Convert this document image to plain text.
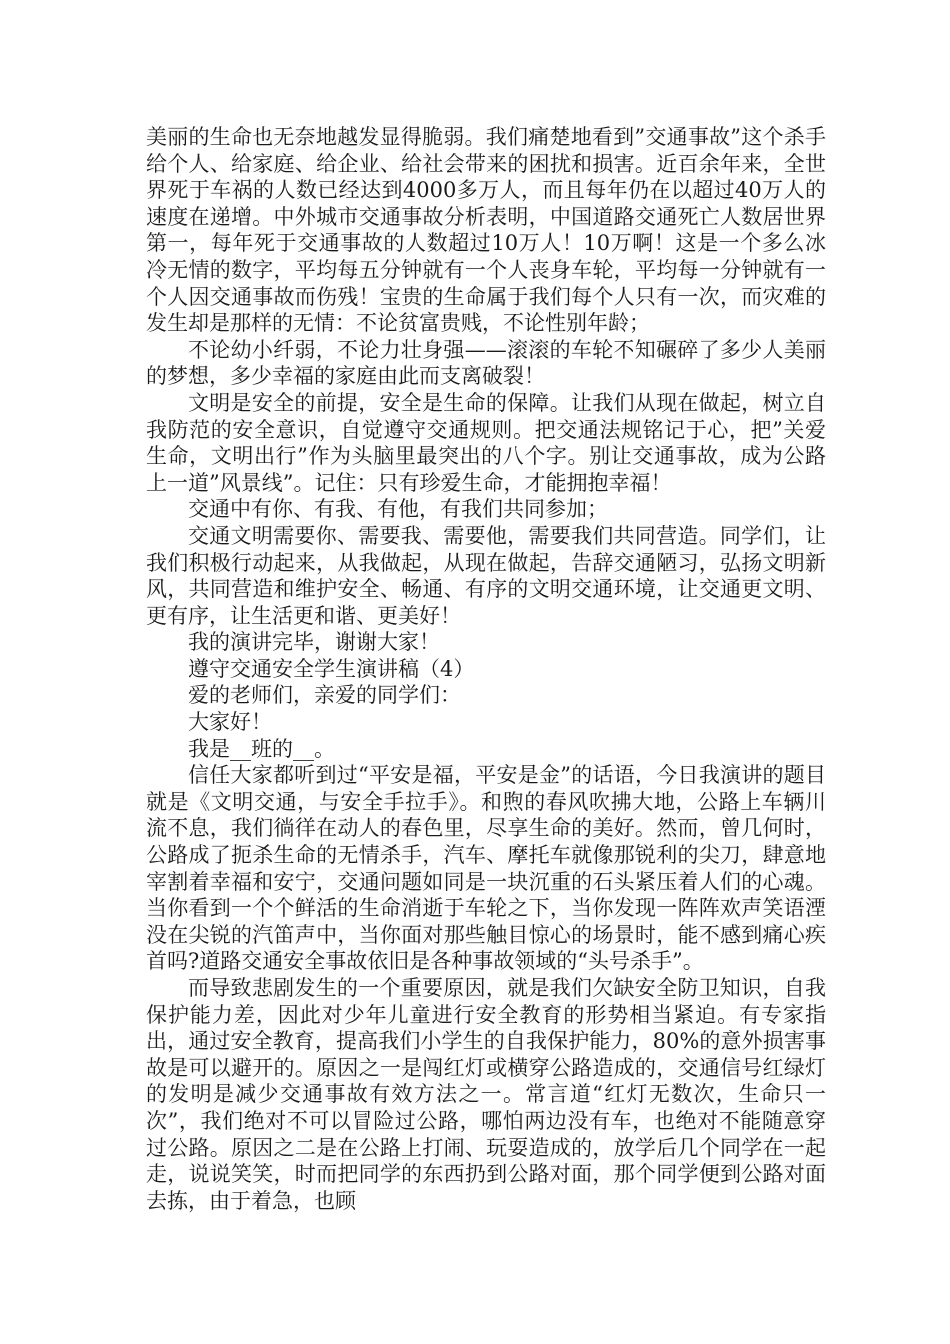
美丽的生命也无奈地越发显得脆弱。我们痛楚地看到”交通事故”这个杀手给个人、给家庭、给企业、给社会带来的困扰和损害。近百余年来，全世界死于车祸的人数已经达到4000多万人，而且每年仍在以超过40万人的速度在递增。中外城市交通事故分析表明，中国道路交通死亡人数居世界第一，每年死于交通事故的人数超过10万人！10万啊！这是一个多么冰冷无情的数字，平均每五分钟就有一个人丧身车轮，平均每一分钟就有一个人因交通事故而伤残！宝贵的生命属于我们每个人只有一次，而灾难的发生却是那样的无情：不论贫富贵贱，不论性别年龄；

不论幼小纤弱，不论力壮身强——滚滚的车轮不知碾碎了多少人美丽的梦想，多少幸福的家庭由此而支离破裂！

文明是安全的前提，安全是生命的保障。让我们从现在做起，树立自我防范的安全意识，自觉遵守交通规则。把交通法规铭记于心，把”关爱生命，文明出行”作为头脑里最突出的八个字。别让交通事故，成为公路上一道”风景线”。记住：只有珍爱生命，才能拥抱幸福！

交通中有你、有我、有他，有我们共同参加；

交通文明需要你、需要我、需要他，需要我们共同营造。同学们，让我们积极行动起来，从我做起，从现在做起，告辞交通陋习，弘扬文明新风，共同营造和维护安全、畅通、有序的文明交通环境，让交通更文明、更有序，让生活更和谐、更美好！

我的演讲完毕，谢谢大家！

遵守交通安全学生演讲稿（4）

爱的老师们，亲爱的同学们：

大家好！

我是__班的__。

信任大家都听到过“平安是福，平安是金”的话语，今日我演讲的题目就是《文明交通，与安全手拉手》。和煦的春风吹拂大地，公路上车辆川流不息，我们徜徉在动人的春色里，尽享生命的美好。然而，曾几何时，公路成了扼杀生命的无情杀手，汽车、摩托车就像那锐利的尖刀，肆意地宰割着幸福和安宁，交通问题如同是一块沉重的石头紧压着人们的心魂。当你看到一个个鲜活的生命消逝于车轮之下，当你发现一阵阵欢声笑语湮没在尖锐的汽笛声中，当你面对那些触目惊心的场景时，能不感到痛心疾首吗?道路交通安全事故依旧是各种事故领域的“头号杀手”。

而导致悲剧发生的一个重要原因，就是我们欠缺安全防卫知识，自我保护能力差，因此对少年儿童进行安全教育的形势相当紧迫。有专家指出，通过安全教育，提高我们小学生的自我保护能力，80%的意外损害事故是可以避开的。原因之一是闯红灯或横穿公路造成的，交通信号红绿灯的发明是减少交通事故有效方法之一。常言道“红灯无数次，生命只一次”，我们绝对不可以冒险过公路，哪怕两边没有车，也绝对不能随意穿过公路。原因之二是在公路上打闹、玩耍造成的，放学后几个同学在一起走，说说笑笑，时而把同学的东西扔到公路对面，那个同学便到公路对面去拣，由于着急，也顾
